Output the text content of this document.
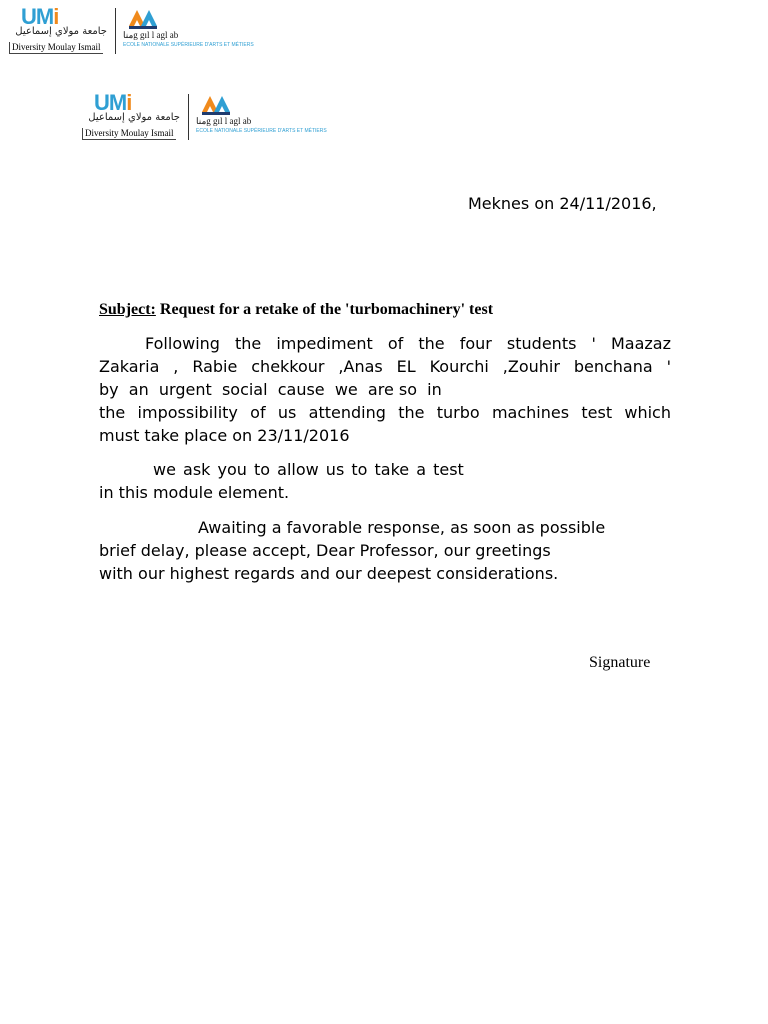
UMi
جامعة مولاي إسماعيل
Diversity Moulay Ismail
ﻣﻨﺎg gıl l agl ab
ECOLE NATIONALE SUPÉRIEURE D'ARTS ET MÉTIERS
UMi
جامعة مولاي إسماعيل
Diversity Moulay Ismail
ﻣﻨﺎg gıl l agl ab
ECOLE NATIONALE SUPÉRIEURE D'ARTS ET MÉTIERS
Meknes on 24/11/2016,
Subject: Request for a retake of the 'turbomachinery' test
Following the impediment of the four students ' Maazaz
Zakaria , Rabie chekkour ,Anas EL Kourchi ,Zouhir benchana '
by  an  urgent  social  cause  we  are so  in
the impossibility of us attending the turbo machines test which
must take place on 23/11/2016
we ask you to allow us to take a test
in this module element.
Awaiting a favorable response, as soon as possible
brief delay, please accept, Dear Professor, our greetings
with our highest regards and our deepest considerations.
Signature
